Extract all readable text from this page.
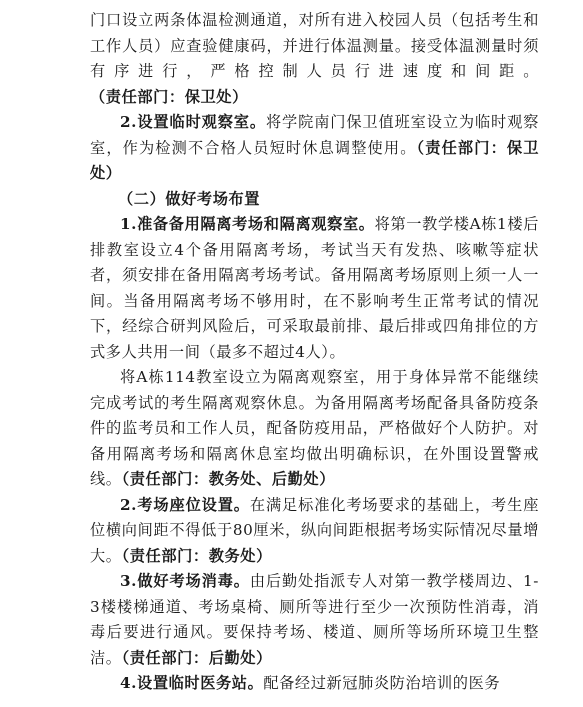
门口设立两条体温检测通道，对所有进入校园人员（包括考生和工作人员）应查验健康码，并进行体温测量。接受体温测量时须有序进行，严格控制人员行进速度和间距。（责任部门：保卫处）

2.设置临时观察室。将学院南门保卫值班室设立为临时观察室，作为检测不合格人员短时休息调整使用。（责任部门：保卫处）

（二）做好考场布置

1.准备备用隔离考场和隔离观察室。将第一教学楼A栋1楼后排教室设立4个备用隔离考场，考试当天有发热、咳嗽等症状者，须安排在备用隔离考场考试。备用隔离考场原则上须一人一间。当备用隔离考场不够用时，在不影响考生正常考试的情况下，经综合研判风险后，可采取最前排、最后排或四角排位的方式多人共用一间（最多不超过4人）。

将A栋114教室设立为隔离观察室，用于身体异常不能继续完成考试的考生隔离观察休息。为备用隔离考场配备具备防疫条件的监考员和工作人员，配备防疫用品，严格做好个人防护。对备用隔离考场和隔离休息室均做出明确标识，在外围设置警戒线。（责任部门：教务处、后勤处）

2.考场座位设置。在满足标准化考场要求的基础上，考生座位横向间距不得低于80厘米，纵向间距根据考场实际情况尽量增大。（责任部门：教务处）

3.做好考场消毒。由后勤处指派专人对第一教学楼周边、1-3楼楼梯通道、考场桌椅、厕所等进行至少一次预防性消毒，消毒后要进行通风。要保持考场、楼道、厕所等场所环境卫生整洁。（责任部门：后勤处）

4.设置临时医务站。配备经过新冠肺炎防治培训的医务
